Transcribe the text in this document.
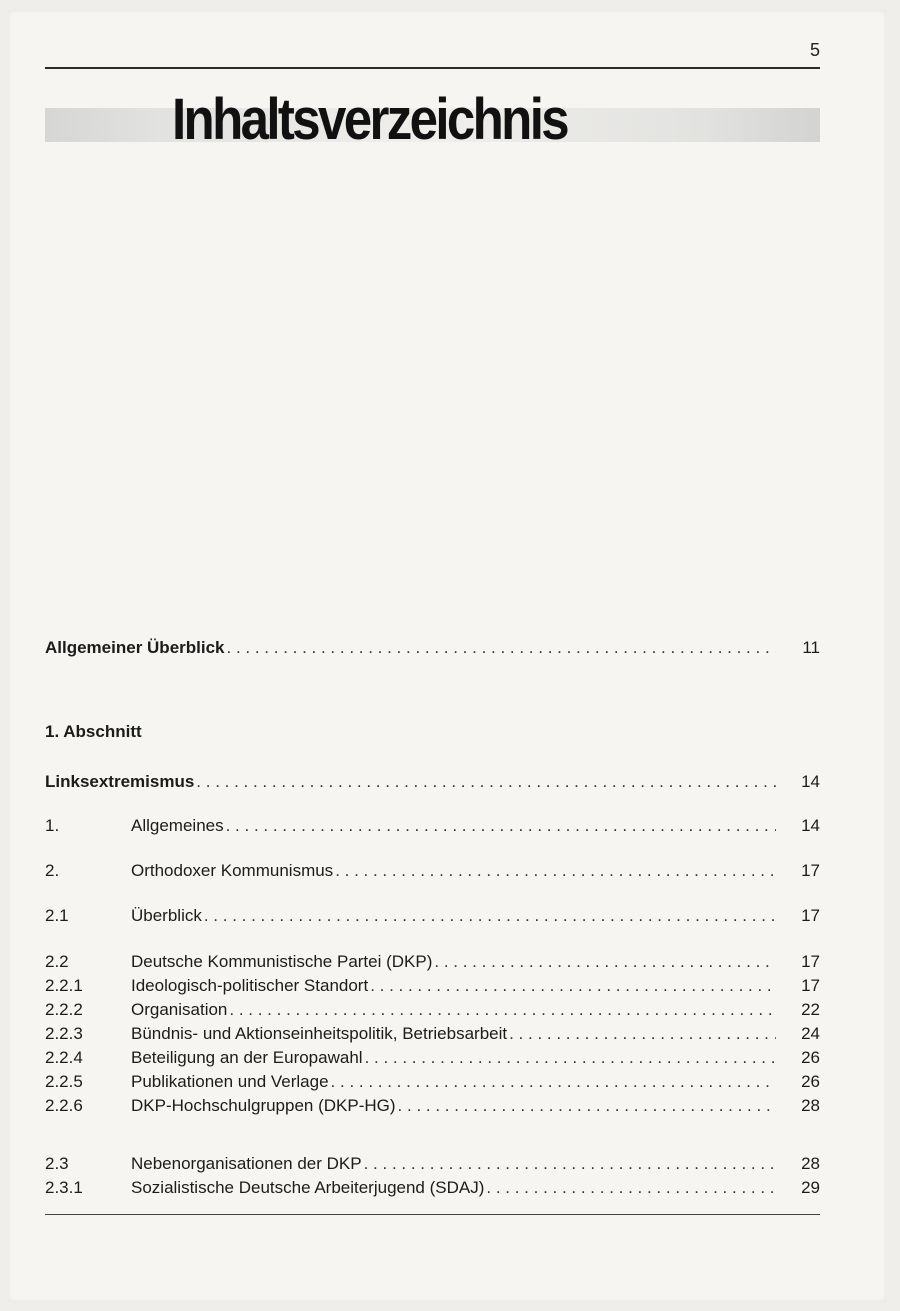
5
Inhaltsverzeichnis
Allgemeiner Überblick . . .	11
1. Abschnitt
Linksextremismus . . .	14
1.	Allgemeines . . .	14
2.	Orthodoxer Kommunismus . . .	17
2.1	Überblick . . .	17
2.2	Deutsche Kommunistische Partei (DKP) . . .	17
2.2.1	Ideologisch-politischer Standort . . .	17
2.2.2	Organisation . . .	22
2.2.3	Bündnis- und Aktionseinheitspolitik, Betriebsarbeit . . .	24
2.2.4	Beteiligung an der Europawahl . . .	26
2.2.5	Publikationen und Verlage . . .	26
2.2.6	DKP-Hochschulgruppen (DKP-HG) . . .	28
2.3	Nebenorganisationen der DKP . . .	28
2.3.1	Sozialistische Deutsche Arbeiterjugend (SDAJ) . . .	29
